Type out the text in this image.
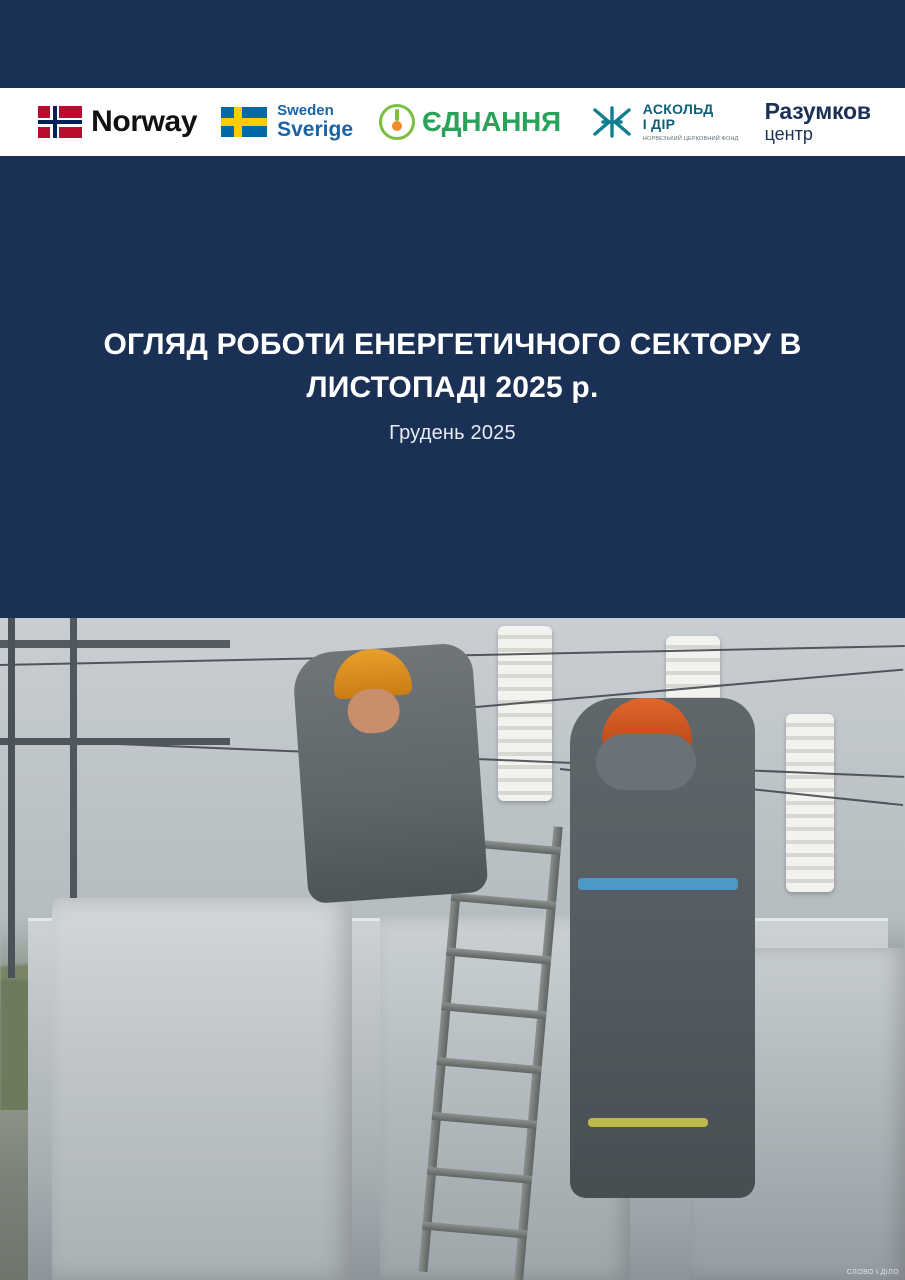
Norway	Sweden
Sverige ЄДНАННЯ	АСКОЛЬД
І ДІР
НОРВЕЗЬКИЙ ЦЕРКОВНИЙ ФОНД
Разумков
центр
ОГЛЯД РОБОТИ ЕНЕРГЕТИЧНОГО СЕКТОРУ В ЛИСТОПАДІ 2025 р.
Грудень 2025
СЛОВО І ДІЛО
